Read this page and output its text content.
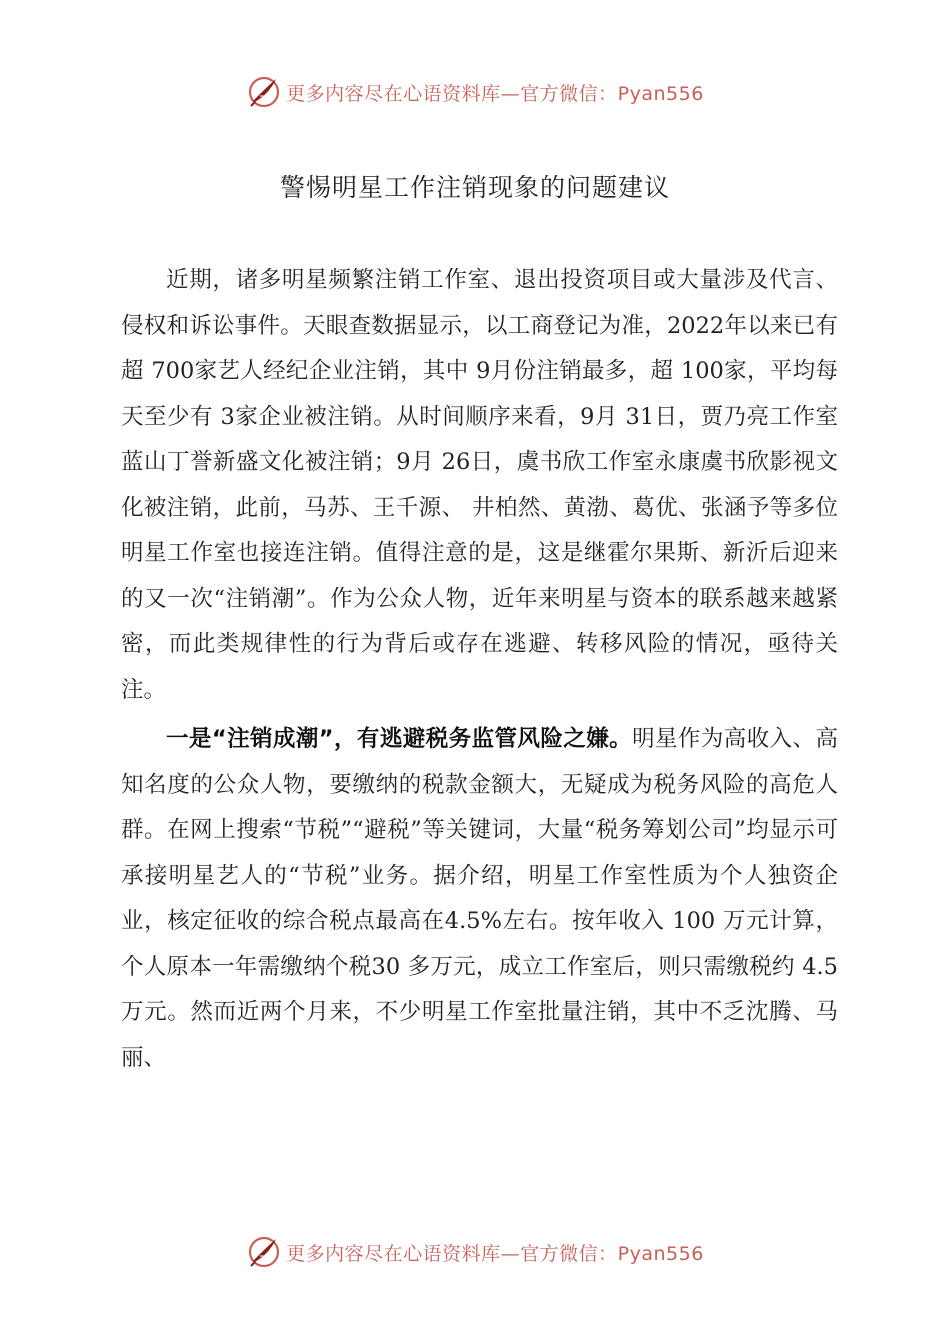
更多内容尽在心语资料库—官方微信：Pyan556
警惕明星工作注销现象的问题建议

近期，诸多明星频繁注销工作室、退出投资项目或大量涉及代言、侵权和诉讼事件。天眼查数据显示，以工商登记为准，2022年以来已有超 700家艺人经纪企业注销，其中 9月份注销最多，超 100家，平均每天至少有 3家企业被注销。从时间顺序来看，9月 31日，贾乃亮工作室蓝山丁誉新盛文化被注销；9月 26日，虞书欣工作室永康虞书欣影视文化被注销，此前，马苏、王千源、 井柏然、黄渤、葛优、张涵予等多位明星工作室也接连注销。值得注意的是，这是继霍尔果斯、新沂后迎来的又一次“注销潮”。作为公众人物，近年来明星与资本的联系越来越紧密，而此类规律性的行为背后或存在逃避、转移风险的情况，亟待关注。

一是“注销成潮”，有逃避税务监管风险之嫌。明星作为高收入、高知名度的公众人物，要缴纳的税款金额大，无疑成为税务风险的高危人群。在网上搜索“节税”“避税”等关键词，大量“税务筹划公司”均显示可承接明星艺人的“节税”业务。据介绍，明星工作室性质为个人独资企业，核定征收的综合税点最高在4.5%左右。按年收入 100 万元计算，个人原本一年需缴纳个税30 多万元，成立工作室后，则只需缴税约 4.5 万元。然而近两个月来，不少明星工作室批量注销，其中不乏沈腾、马丽、

更多内容尽在心语资料库—官方微信：Pyan556
